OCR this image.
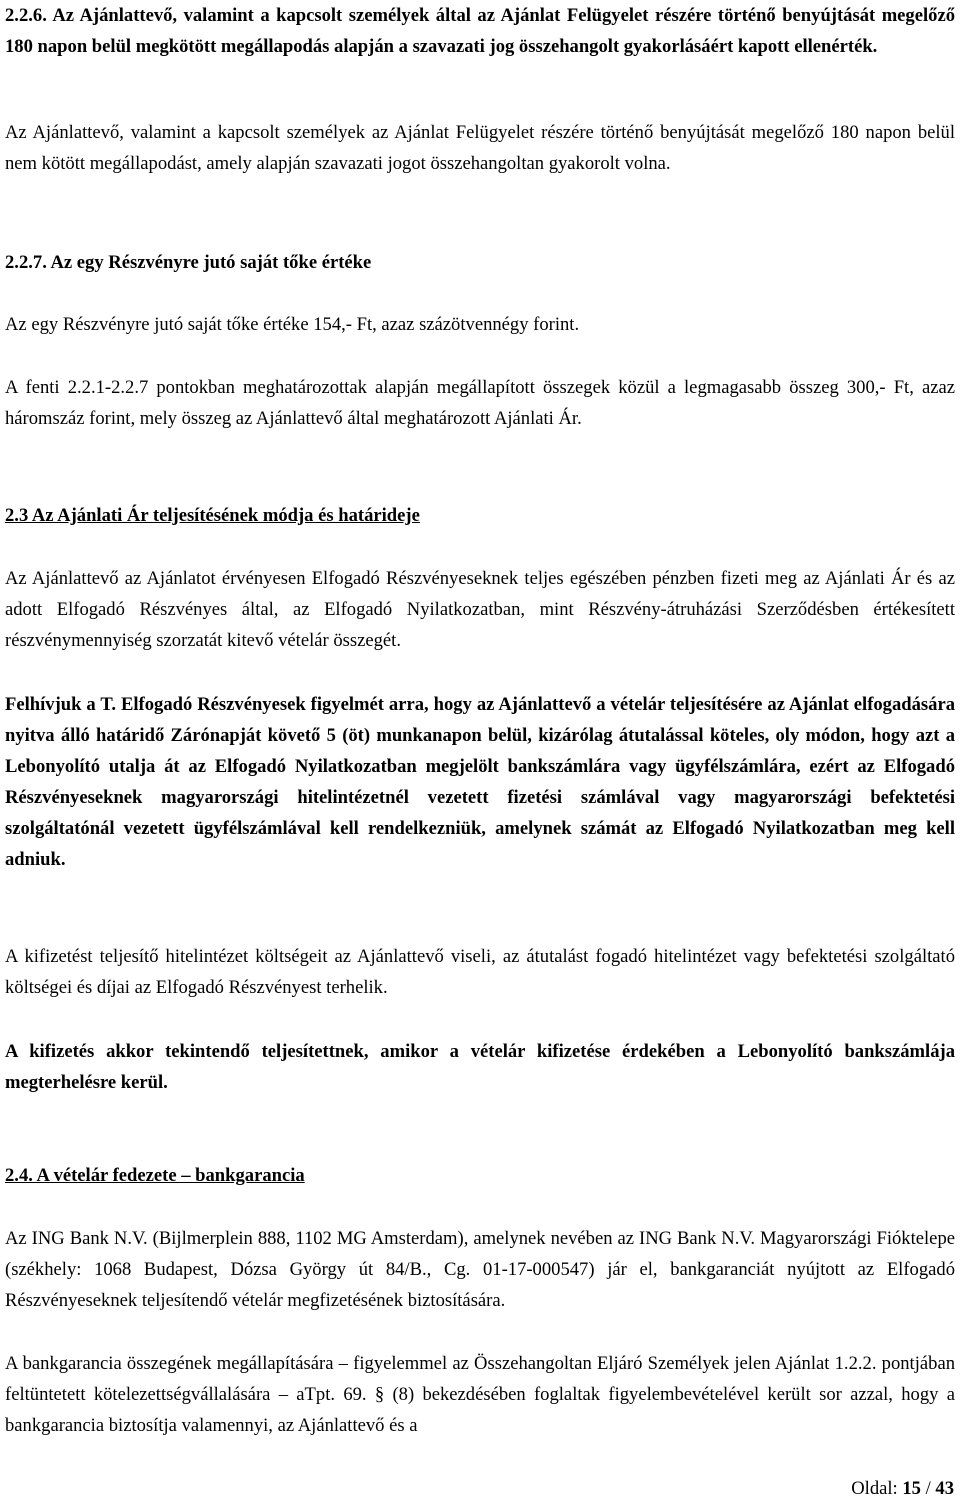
2.2.6. Az Ajánlattevő, valamint a kapcsolt személyek által az Ajánlat Felügyelet részére történő benyújtását megelőző 180 napon belül megkötött megállapodás alapján a szavazati jog összehangolt gyakorlásáért kapott ellenérték.

Az Ajánlattevő, valamint a kapcsolt személyek az Ajánlat Felügyelet részére történő benyújtását megelőző 180 napon belül nem kötött megállapodást, amely alapján szavazati jogot összehangoltan gyakorolt volna.

2.2.7. Az egy Részvényre jutó saját tőke értéke

Az egy Részvényre jutó saját tőke értéke 154,- Ft, azaz százötvennégy forint.

A fenti 2.2.1-2.2.7 pontokban meghatározottak alapján megállapított összegek közül a legmagasabb összeg 300,- Ft, azaz háromszáz forint, mely összeg az Ajánlattevő által meghatározott Ajánlati Ár.

2.3 Az Ajánlati Ár teljesítésének módja és határideje

Az Ajánlattevő az Ajánlatot érvényesen Elfogadó Részvényeseknek teljes egészében pénzben fizeti meg az Ajánlati Ár és az adott Elfogadó Részvényes által, az Elfogadó Nyilatkozatban, mint Részvény-átruházási Szerződésben értékesített részvénymennyiség szorzatát kitevő vételár összegét.

Felhívjuk a T. Elfogadó Részvényesek figyelmét arra, hogy az Ajánlattevő a vételár teljesítésére az Ajánlat elfogadására nyitva álló határidő Zárónapját követő 5 (öt) munkanapon belül, kizárólag átutalással köteles, oly módon, hogy azt a Lebonyolító utalja át az Elfogadó Nyilatkozatban megjelölt bankszámlára vagy ügyfélszámlára, ezért az Elfogadó Részvényeseknek magyarországi hitelintézetnél vezetett fizetési számlával vagy magyarországi befektetési szolgáltatónál vezetett ügyfélszámlával kell rendelkezniük, amelynek számát az Elfogadó Nyilatkozatban meg kell adniuk.

A kifizetést teljesítő hitelintézet költségeit az Ajánlattevő viseli, az átutalást fogadó hitelintézet vagy befektetési szolgáltató költségei és díjai az Elfogadó Részvényest terhelik.

A kifizetés akkor tekintendő teljesítettnek, amikor a vételár kifizetése érdekében a Lebonyolító bankszámlája megterhelésre kerül.

2.4. A vételár fedezete – bankgarancia

Az ING Bank N.V. (Bijlmerplein 888, 1102 MG Amsterdam), amelynek nevében az ING Bank N.V. Magyarországi Fióktelepe (székhely: 1068 Budapest, Dózsa György út 84/B., Cg. 01-17-000547) jár el, bankgaranciát nyújtott az Elfogadó Részvényeseknek teljesítendő vételár megfizetésének biztosítására.

A bankgarancia összegének megállapítására – figyelemmel az Összehangoltan Eljáró Személyek jelen Ajánlat 1.2.2. pontjában feltüntetett kötelezettségvállalására – aTpt. 69. § (8) bekezdésében foglaltak figyelembevételével került sor azzal, hogy a bankgarancia biztosítja valamennyi, az Ajánlattevő és a

Oldal: 15 / 43
